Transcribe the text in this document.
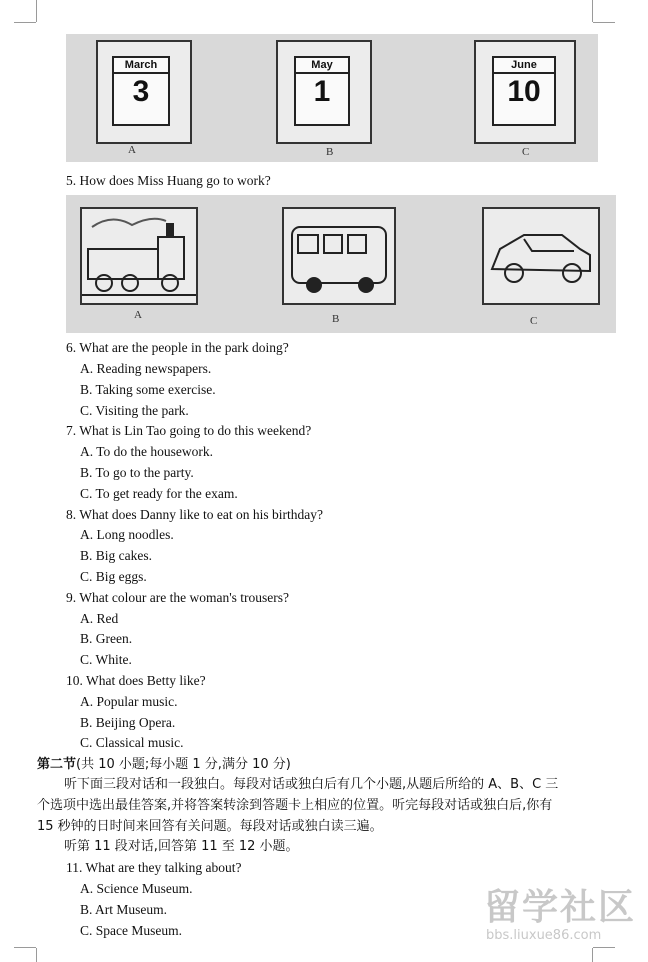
March
3
A
May
1
B
June
10
C
5. How does Miss Huang go to work?
A	B	C
6. What are the people in the park doing?
A. Reading newspapers.
B. Taking some exercise.
C. Visiting the park.
7. What is Lin Tao going to do this weekend?
A. To do the housework.
B. To go to the party.
C. To get ready for the exam.
8. What does Danny like to eat on his birthday?
A. Long noodles.
B. Big cakes.
C. Big eggs.
9. What colour are the woman's trousers?
A. Red
B. Green.
C. White.
10. What does Betty like?
A. Popular music.
B. Beijing Opera.
C. Classical music.
第二节(共 10 小题;每小题 1 分,满分 10 分)
听下面三段对话和一段独白。每段对话或独白后有几个小题,从题后所给的 A、B、C 三
个选项中选出最佳答案,并将答案转涂到答题卡上相应的位置。听完每段对话或独白后,你有
15 秒钟的日时间来回答有关问题。每段对话或独白读三遍。
听第 11 段对话,回答第 11 至 12 小题。
11. What are they talking about?
A. Science Museum.
B. Art Museum.
C. Space Museum.
留学社区
bbs.liuxue86.com
